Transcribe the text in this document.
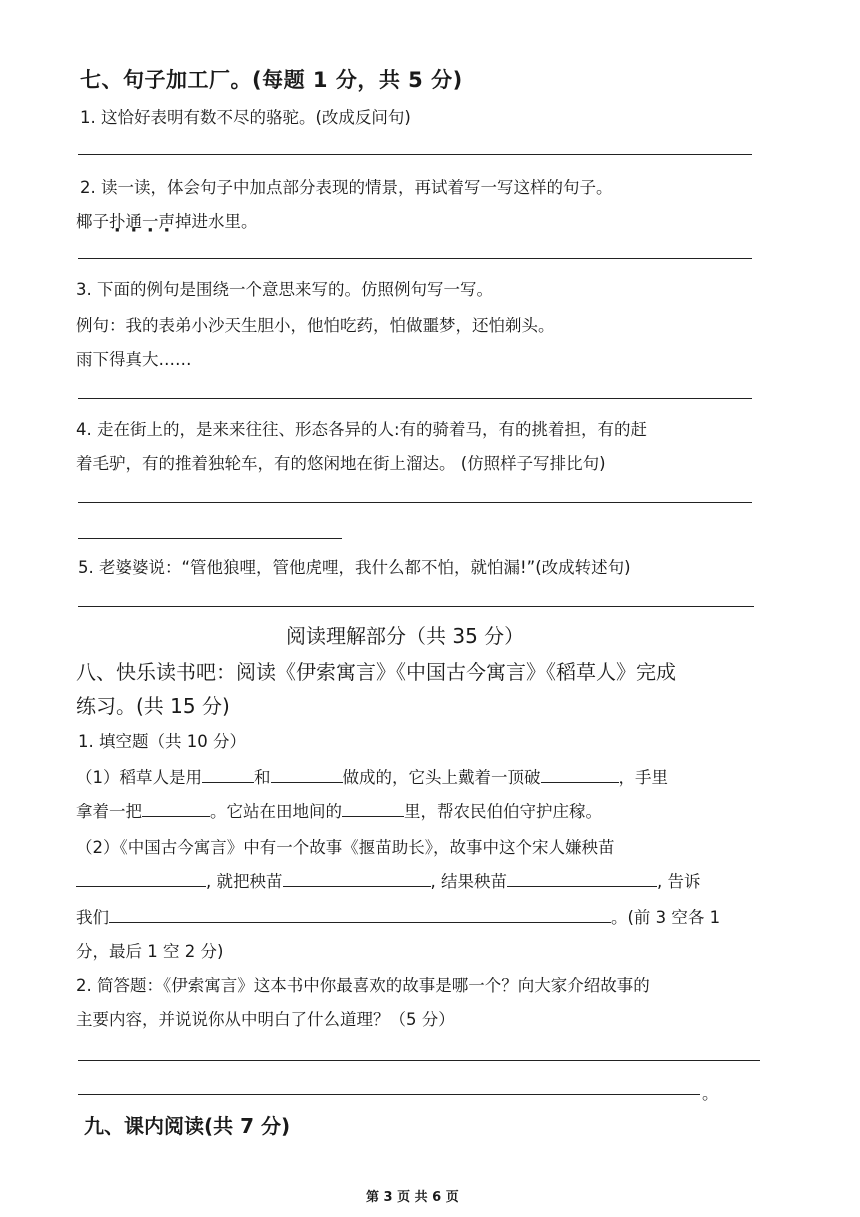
七、句子加工厂。(每题 1 分，共 5 分)
1. 这恰好表明有数不尽的骆驼。(改成反问句)
2. 读一读，体会句子中加点部分表现的情景，再试着写一写这样的句子。
椰子扑通一声掉进水里。
3. 下面的例句是围绕一个意思来写的。仿照例句写一写。
例句：我的表弟小沙天生胆小，他怕吃药，怕做噩梦，还怕剃头。
雨下得真大……
4. 走在街上的，是来来往往、形态各异的人:有的骑着马，有的挑着担，有的赶
着毛驴，有的推着独轮车，有的悠闲地在街上溜达。 (仿照样子写排比句)
5. 老婆婆说：“管他狼哩，管他虎哩，我什么都不怕，就怕漏!”(改成转述句)
阅读理解部分（共 35 分）
八、快乐读书吧：阅读《伊索寓言》《中国古今寓言》《稻草人》完成
练习。(共 15 分)
1. 填空题（共 10 分）
（1）稻草人是用	和	做成的，它头上戴着一顶破	，手里
拿着一把	。它站在田地间的	里，帮农民伯伯守护庄稼。
（2）《中国古今寓言》中有一个故事《揠苗助长》，故事中这个宋人嫌秧苗
, 就把秧苗	, 结果秧苗	, 告诉
我们	。(前 3 空各 1
分，最后 1 空 2 分)
2. 简答题：《伊索寓言》这本书中你最喜欢的故事是哪一个？向大家介绍故事的
主要内容，并说说你从中明白了什么道理？（5 分）
。
九、课内阅读(共 7 分)
第 3 页 共 6 页
